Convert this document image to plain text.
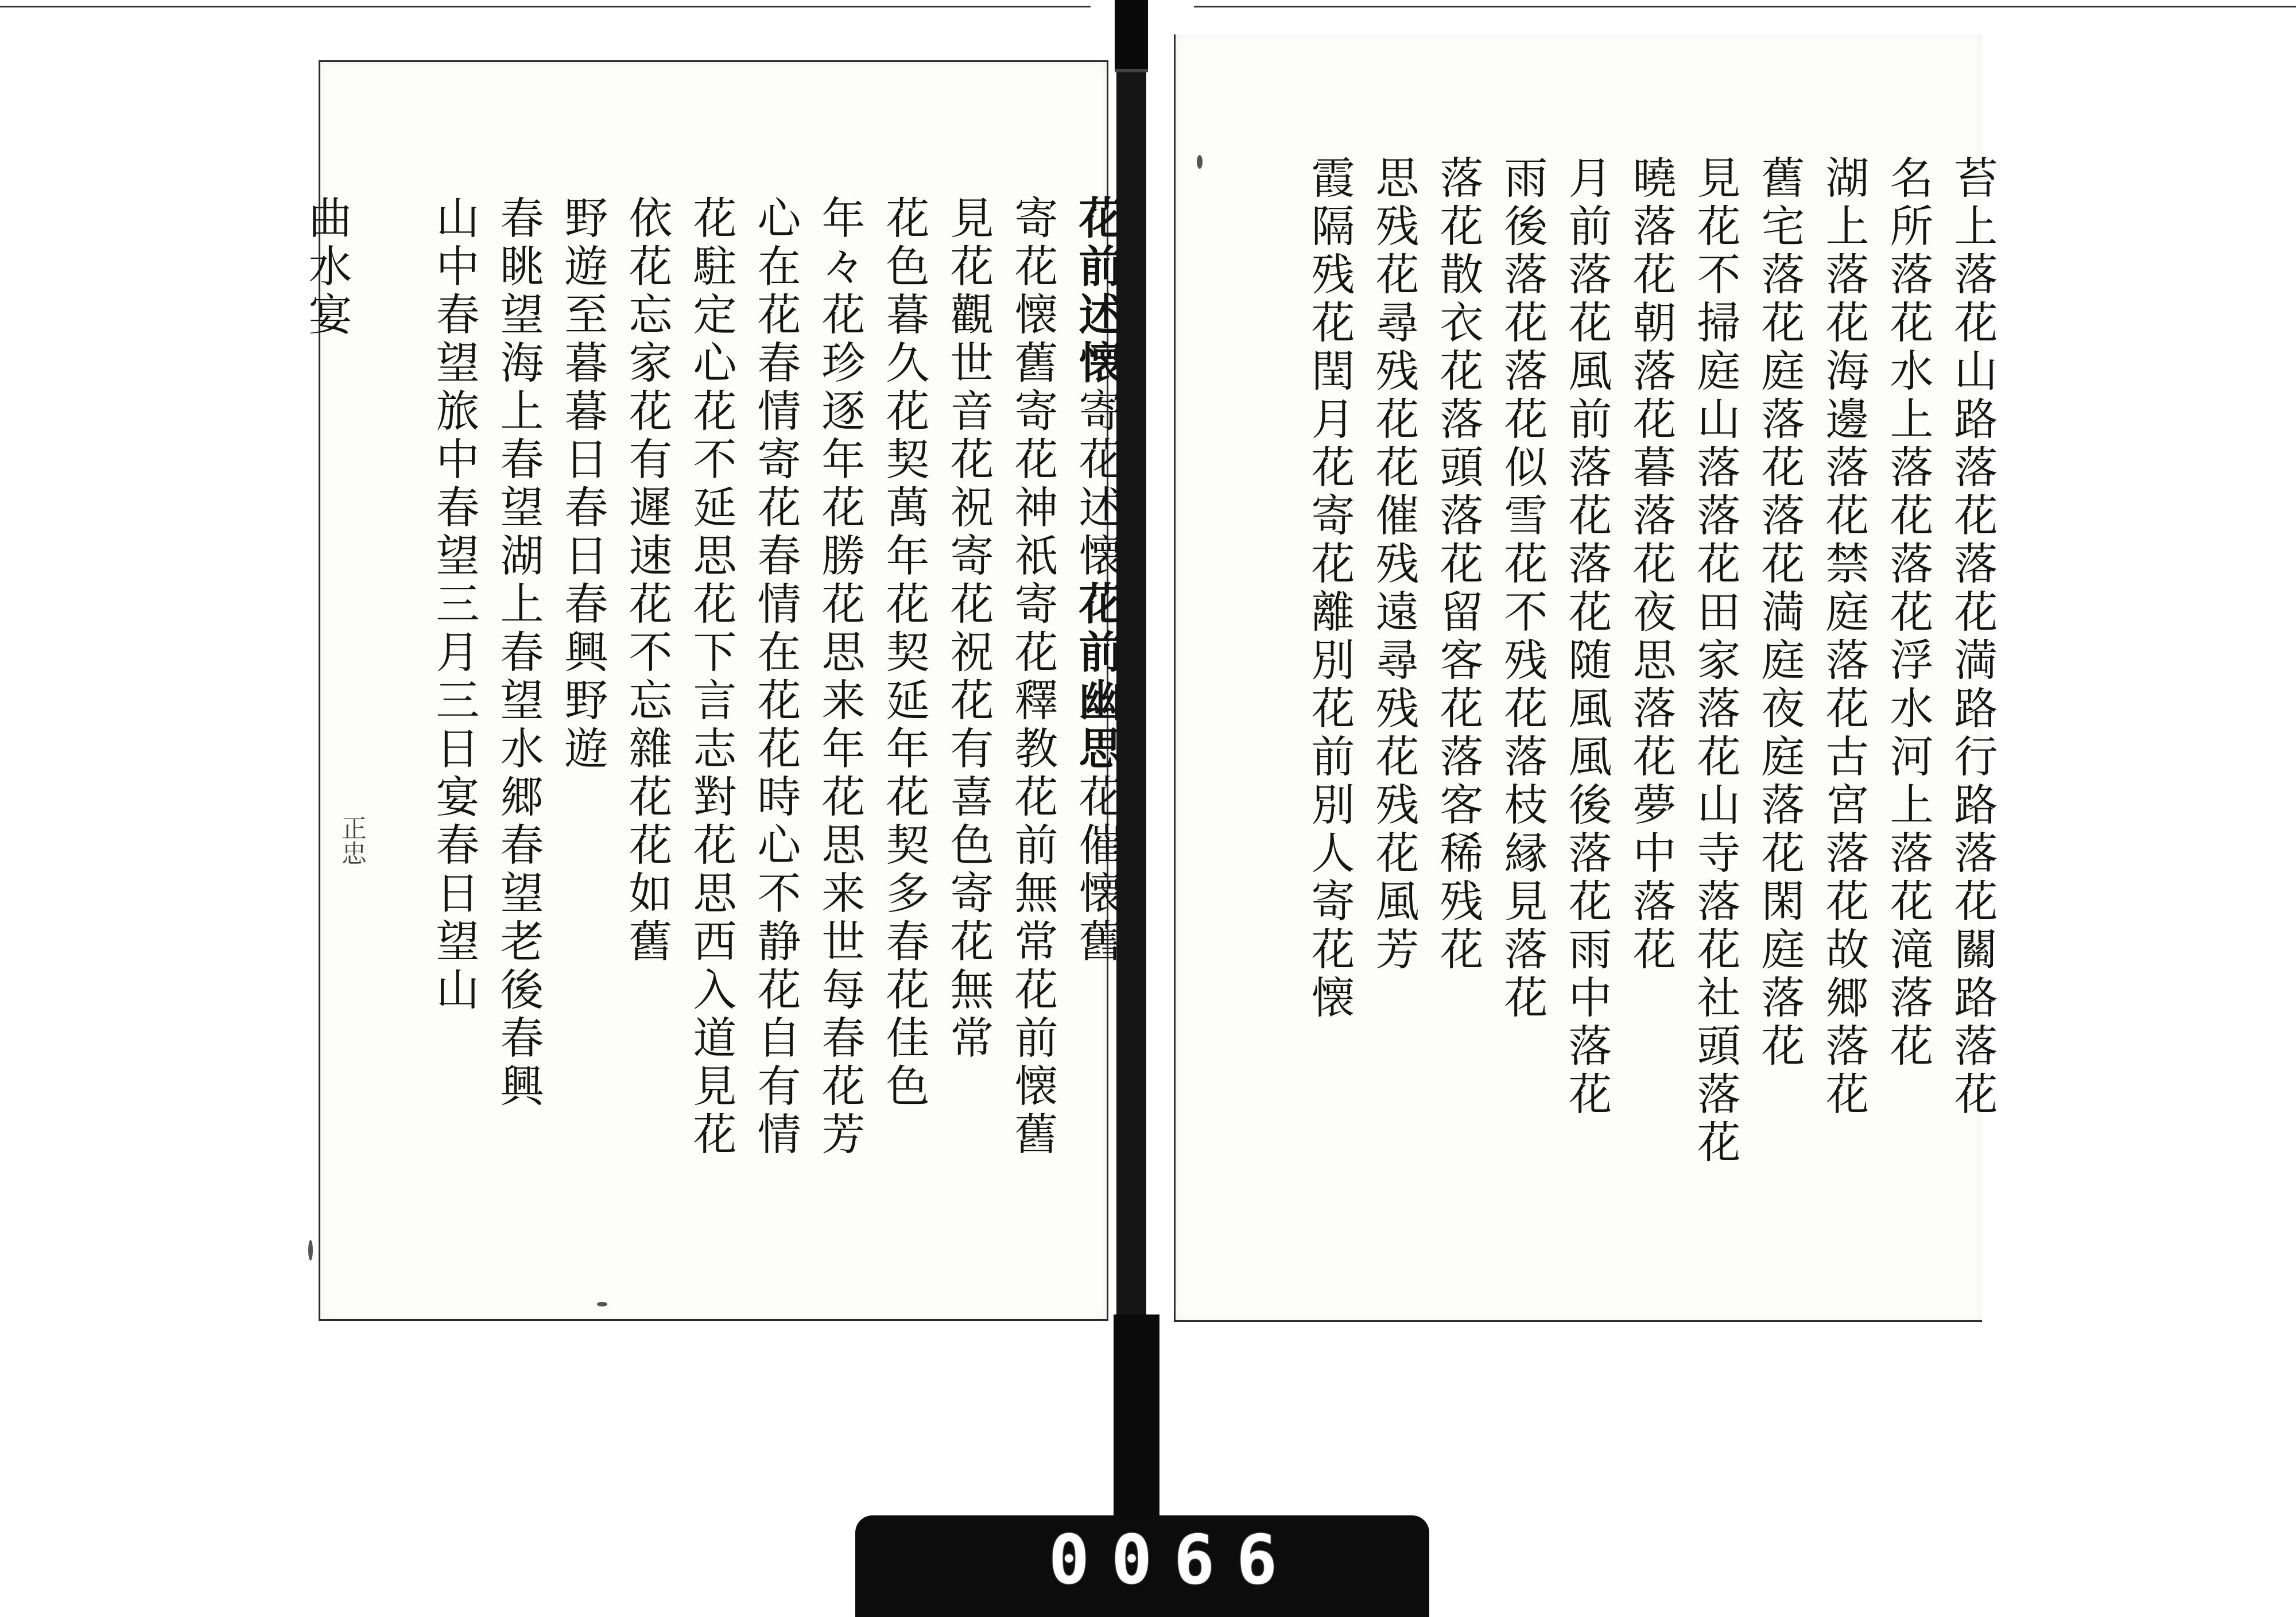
0066
正忠
花前述懐寄花述懐花前幽思花催懐舊
寄花懐舊寄花神祇寄花釋教花前無常花前懐舊
見花觀世音花祝寄花祝花有喜色寄花無常
花色暮久花契萬年花契延年花契多春花佳色
年々花珍逐年花勝花思来年花思来世每春花芳
心在花春情寄花春情在花花時心不静花自有情
花駐定心花不延思花下言志對花思西入道見花
依花忘家花有遲速花不忘雜花花如舊
野遊至暮暮日春日春興野遊
春眺望海上春望湖上春望水郷春望老後春興
山中春望旅中春望三月三日宴春日望山
曲水宴	苔上落花山路落花落花満路行路落花關路落花
名所落花水上落花落花浮水河上落花滝落花
湖上落花海邊落花禁庭落花古宮落花故郷落花
舊宅落花庭落花落花満庭夜庭落花閑庭落花
見花不掃庭山落落花田家落花山寺落花社頭落花
曉落花朝落花暮落花夜思落花夢中落花
月前落花風前落花落花随風風後落花雨中落花
雨後落花落花似雪花不残花落枝縁見落花
落花散衣花落頭落花留客花落客稀残花
思残花尋残花花催残遠尋残花残花風芳
霞隔残花閏月花寄花離別花前別人寄花懐
